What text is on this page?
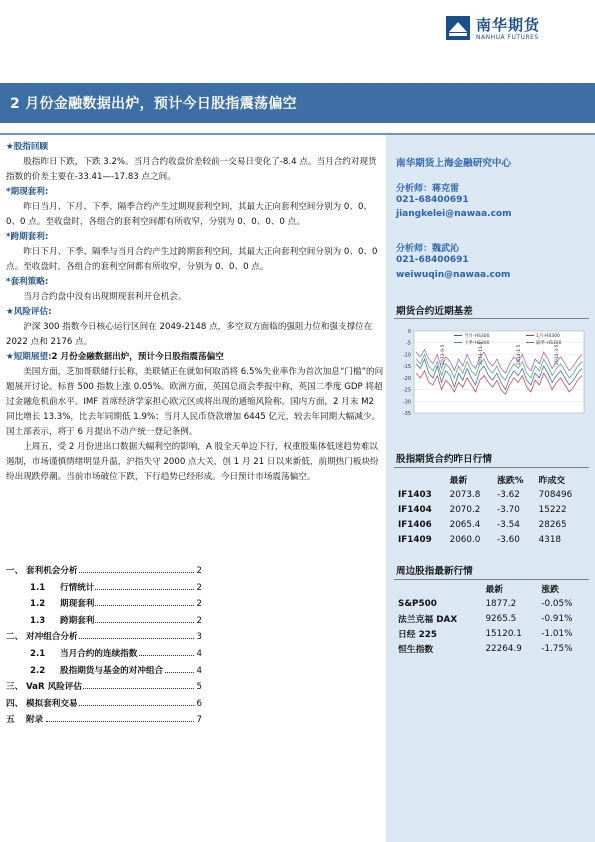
南华期货
NANHUA FUTURES
2 月份金融数据出炉，预计今日股指震荡偏空
★股指回顾

股指昨日下跌，下跌 3.2%。当月合约收盘价差较前一交易日变化了-8.4 点。当月合约对现货指数的价差主要在-33.41—-17.83 点之间。

*期现套利:

昨日当月、下月、下季、隔季合约产生过期现套利空间，其最大正向套利空间分别为 0、0、0、0 点。至收盘时，各组合的套利空间都有所收窄，分别为 0、0、0、0 点。

*跨期套利:

昨日下月、下季、隔季与当月合约产生过跨期套利空间，其最大正向套利空间分别为 0、0、0 点。至收盘时，各组合的套利空间都有所收窄，分别为 0、0、0 点。

*套利策略:

当月合约盘中没有出现期现套利开仓机会。

★风险评估:

沪深 300 指数今日核心运行区间在 2049-2148 点，多空双方面临的强阻力位和强支撑位在 2022 点和 2176 点。

★短期展望:2 月份金融数据出炉，预计今日股指震荡偏空

美国方面，芝加哥联储行长称，美联储正在就如何取消将 6.5%失业率作为首次加息“门槛”的问题展开讨论。标普 500 指数上涨 0.05%。欧洲方面，英国总商会季报中称，英国二季度 GDP 将超过金融危机前水平。IMF 首席经济学家担心欧元区或将出现的通缩风险称。国内方面，2 月末 M2 同比增长 13.3%，比去年同期低 1.9%；当月人民币贷款增加 6445 亿元，较去年同期大幅减少。国土部表示，将于 6 月提出不动产统一登记条例。

上周五，受 2 月份进出口数据大幅利空的影响，A 股全天单边下行，权重股集体低迷趋势难以遏制，市场谨慎情绪明显升温，沪指失守 2000 点大关，创 1 月 21 日以来新低，前期热门板块纷纷出现跌停潮。当前市场破位下跌，下行趋势已经形成。今日预计市场震荡偏空。

一、 套利机会分析	2
1.1 行情统计	2
1.2 期现套利	2
1.3 跨期套利	2
二、 对冲组合分析	3
2.1 当月合约的连续指数	4
2.2 股指期货与基金的对冲组合	4
三、 VaR 风险评估	5
四、 模拟套利交易	6
五 附录	7
南华期货上海金融研究中心
分析师：蒋克雷
021-68400691
jiangkelei@nawaa.com
分析师：魏武沁
021-68400691
weiwuqin@nawaa.com
期货合约近期基差
0
-5
-10
-15
-20
-25
-30
-35
当月-HS300	1月-HS300
下季-HS300	隔季-HS300
2013-9-5	2013-11-5	2014-1-5	2014-3-5
股指期货合约昨日行情
	最新	涨跌%	昨成交
IF1403	2073.8	-3.62	708496
IF1404	2070.2	-3.70	15222
IF1406	2065.4	-3.54	28265
IF1409	2060.0	-3.60	4318
周边股指最新行情
	最新	涨跌
S&P500	1877.2	-0.05%
法兰克福 DAX	9265.5	-0.91%
日经 225	15120.1	-1.01%
恒生指数	22264.9	-1.75%
